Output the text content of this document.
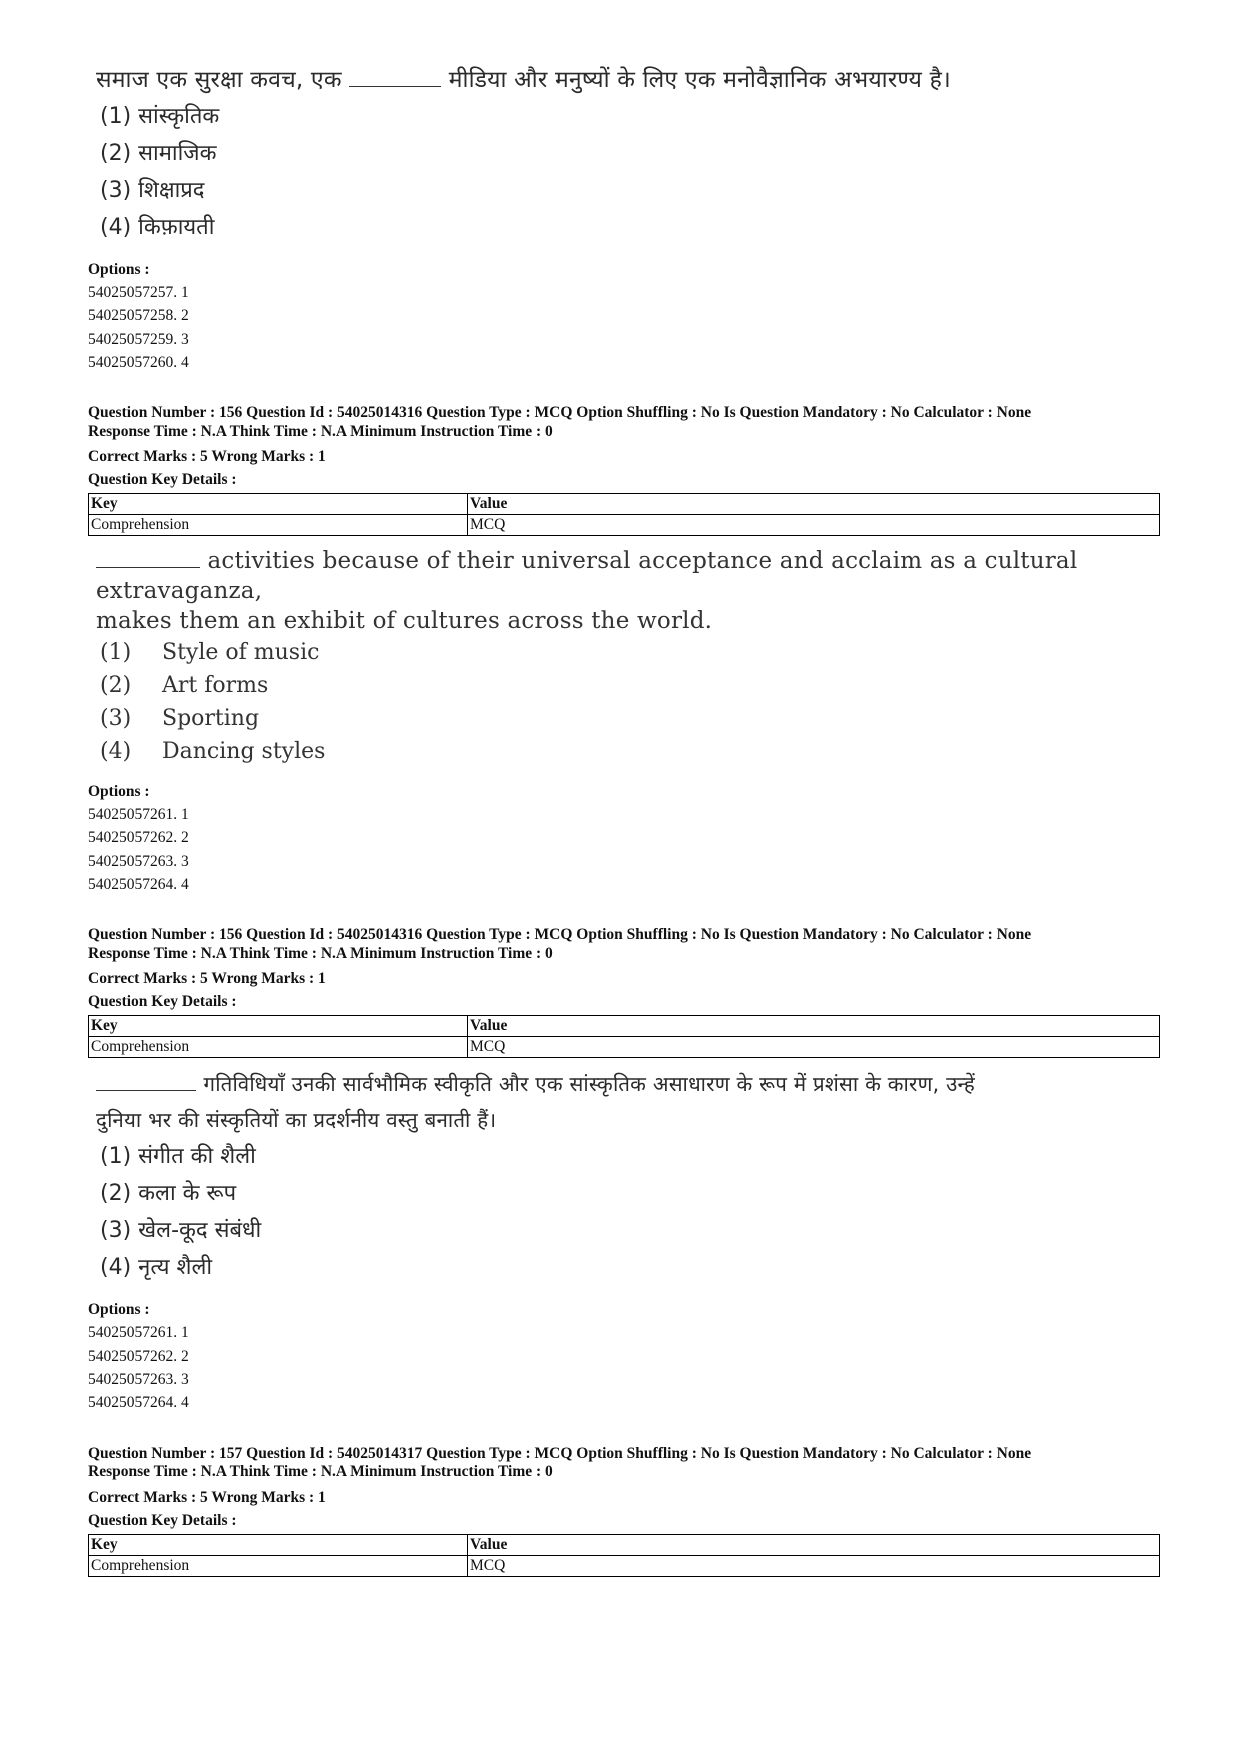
समाज एक सुरक्षा कवच, एक	मीडिया और मनुष्यों के लिए एक मनोवैज्ञानिक अभयारण्य है।
(1) सांस्कृतिक
(2) सामाजिक
(3) शिक्षाप्रद
(4) किफ़ायती
Options :
54025057257. 1
54025057258. 2
54025057259. 3
54025057260. 4
Question Number : 156 Question Id : 54025014316 Question Type : MCQ Option Shuffling : No Is Question Mandatory : No Calculator : None
Response Time : N.A Think Time : N.A Minimum Instruction Time : 0
Correct Marks : 5 Wrong Marks : 1
Question Key Details :
Key	Value
Comprehension	MCQ
activities because of their universal acceptance and acclaim as a cultural extravaganza,
makes them an exhibit of cultures across the world.
(1) Style of music
(2) Art forms
(3) Sporting
(4) Dancing styles
Options :
54025057261. 1
54025057262. 2
54025057263. 3
54025057264. 4
Question Number : 156 Question Id : 54025014316 Question Type : MCQ Option Shuffling : No Is Question Mandatory : No Calculator : None
Response Time : N.A Think Time : N.A Minimum Instruction Time : 0
Correct Marks : 5 Wrong Marks : 1
Question Key Details :
Key	Value
Comprehension	MCQ
गतिविधियाँ उनकी सार्वभौमिक स्वीकृति और एक सांस्कृतिक असाधारण के रूप में प्रशंसा के कारण, उन्हें
दुनिया भर की संस्कृतियों का प्रदर्शनीय वस्तु बनाती हैं।
(1) संगीत की शैली
(2) कला के रूप
(3) खेल-कूद संबंधी
(4) नृत्य शैली
Options :
54025057261. 1
54025057262. 2
54025057263. 3
54025057264. 4
Question Number : 157 Question Id : 54025014317 Question Type : MCQ Option Shuffling : No Is Question Mandatory : No Calculator : None
Response Time : N.A Think Time : N.A Minimum Instruction Time : 0
Correct Marks : 5 Wrong Marks : 1
Question Key Details :
Key	Value
Comprehension	MCQ
